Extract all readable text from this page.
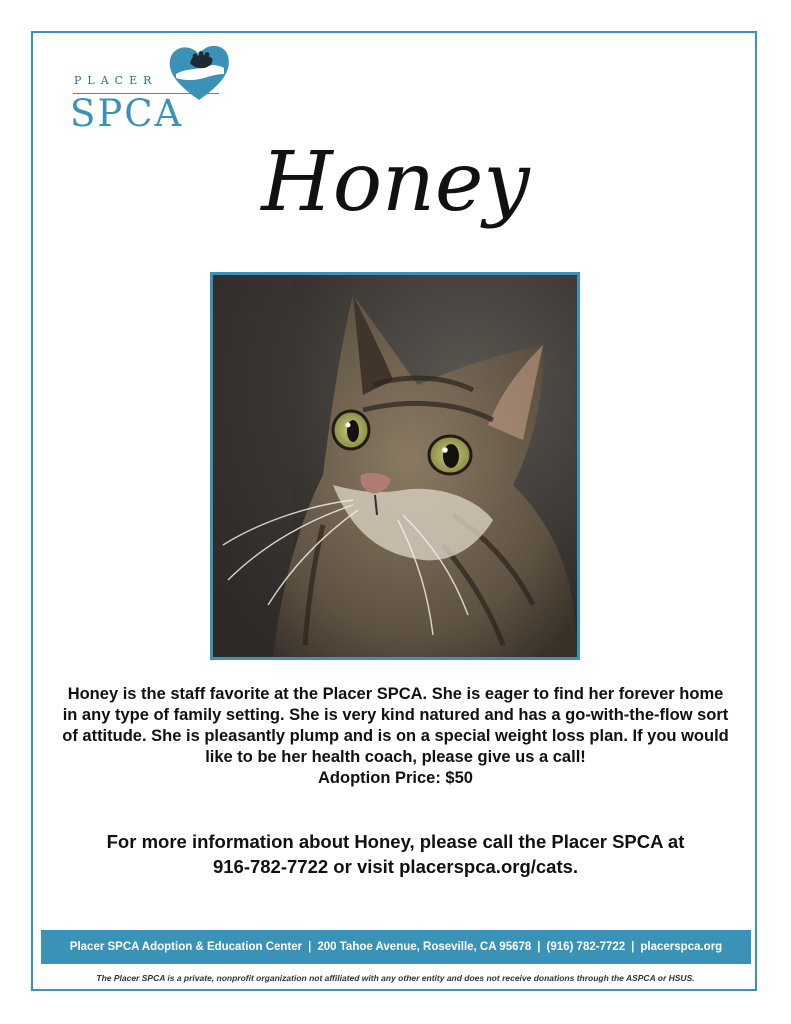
PLACER
SPCA
Honey

Honey is the staff favorite at the Placer SPCA. She is eager to find her forever home in any type of family setting. She is very kind natured and has a go-with-the-flow sort of attitude. She is pleasantly plump and is on a special weight loss plan. If you would like to be her health coach, please give us a call!

Adoption Price: $50

For more information about Honey, please call the Placer SPCA at

916-782-7722 or visit placerspca.org/cats.

Placer SPCA Adoption & Education Center | 200 Tahoe Avenue, Roseville, CA 95678 | (916) 782-7722 | placerspca.org
The Placer SPCA is a private, nonprofit organization not affiliated with any other entity and does not receive donations through the ASPCA or HSUS.
